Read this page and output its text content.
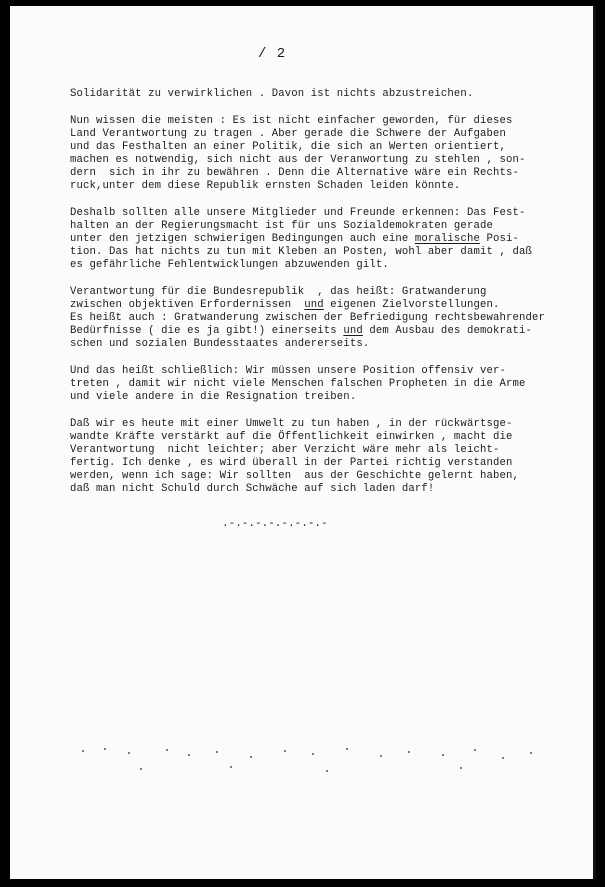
/ 2
Solidarität zu verwirklichen . Davon ist nichts abzustreichen.
Nun wissen die meisten : Es ist nicht einfacher geworden, für dieses
Land Verantwortung zu tragen . Aber gerade die Schwere der Aufgaben
und das Festhalten an einer Politik, die sich an Werten orientiert,
machen es notwendig, sich nicht aus der Veranwortung zu stehlen , son-
dern  sich in ihr zu bewähren . Denn die Alternative wäre ein Rechts-
ruck,unter dem diese Republik ernsten Schaden leiden könnte.
Deshalb sollten alle unsere Mitglieder und Freunde erkennen: Das Fest-
halten an der Regierungsmacht ist für uns Sozialdemokraten gerade
unter den jetzigen schwierigen Bedingungen auch eine moralische Posi-
tion. Das hat nichts zu tun mit Kleben an Posten, wohl aber damit , daß
es gefährliche Fehlentwicklungen abzuwenden gilt.
Verantwortung für die Bundesrepublik  , das heißt: Gratwanderung
zwischen objektiven Erfordernissen  und eigenen Zielvorstellungen.
Es heißt auch : Gratwanderung zwischen der Befriedigung rechtsbewahrender
Bedürfnisse ( die es ja gibt!) einerseits und dem Ausbau des demokrati-
schen und sozialen Bundesstaates andererseits.
Und das heißt schließlich: Wir müssen unsere Position offensiv ver-
treten , damit wir nicht viele Menschen falschen Propheten in die Arme
und viele andere in die Resignation treiben.
Daß wir es heute mit einer Umwelt zu tun haben , in der rückwärtsge-
wandte Kräfte verstärkt auf die Öffentlichkeit einwirken , macht die
Verantwortung  nicht leichter; aber Verzicht wäre mehr als leicht-
fertig. Ich denke , es wird überall in der Partei richtig verstanden
werden, wenn ich sage: Wir sollten  aus der Geschichte gelernt haben,
daß man nicht Schuld durch Schwäche auf sich laden darf!
.-.-.-.-.-.-.-.-
